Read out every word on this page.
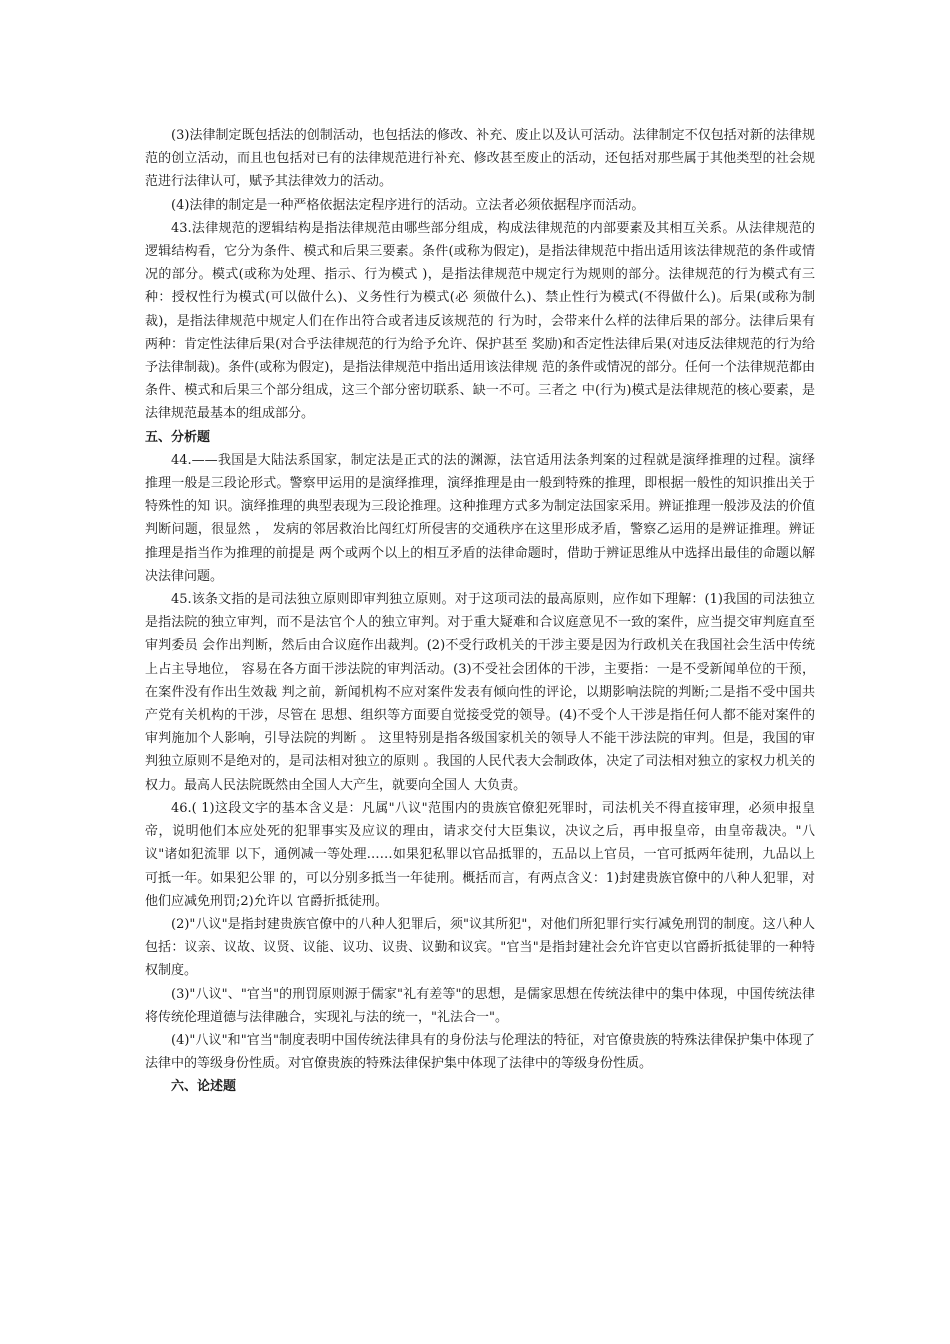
(3)法律制定既包括法的创制活动，也包括法的修改、补充、废止以及认可活动。法律制定不仅包括对新的法律规范的创立活动，而且也包括对已有的法律规范进行补充、修改甚至废止的活动，还包括对那些属于其他类型的社会规范进行法律认可，赋予其法律效力的活动。

(4)法律的制定是一种严格依据法定程序进行的活动。立法者必须依据程序而活动。

43.法律规范的逻辑结构是指法律规范由哪些部分组成，构成法律规范的内部要素及其相互关系。从法律规范的逻辑结构看，它分为条件、模式和后果三要素。条件(或称为假定)，是指法律规范中指出适用该法律规范的条件或情况的部分。模式(或称为处理、指示、行为模式 )，是指法律规范中规定行为规则的部分。法律规范的行为模式有三种：授权性行为模式(可以做什么)、义务性行为模式(必 须做什么)、禁止性行为模式(不得做什么)。后果(或称为制裁)，是指法律规范中规定人们在作出符合或者违反该规范的 行为时，会带来什么样的法律后果的部分。法律后果有两种：肯定性法律后果(对合乎法律规范的行为给予允许、保护甚至 奖励)和否定性法律后果(对违反法律规范的行为给予法律制裁)。条件(或称为假定)，是指法律规范中指出适用该法律规 范的条件或情况的部分。任何一个法律规范都由条件、模式和后果三个部分组成，这三个部分密切联系、缺一不可。三者之 中(行为)模式是法律规范的核心要素，是法律规范最基本的组成部分。

五、分析题

44.——我国是大陆法系国家，制定法是正式的法的渊源，法官适用法条判案的过程就是演绎推理的过程。演绎推理一般是三段论形式。警察甲运用的是演绎推理，演绎推理是由一般到特殊的推理，即根据一般性的知识推出关于特殊性的知 识。演绎推理的典型表现为三段论推理。这种推理方式多为制定法国家采用。辨证推理一般涉及法的价值判断问题，很显然 ， 发病的邻居救治比闯红灯所侵害的交通秩序在这里形成矛盾，警察乙运用的是辨证推理。辨证推理是指当作为推理的前提是 两个或两个以上的相互矛盾的法律命题时，借助于辨证思维从中选择出最佳的命题以解决法律问题。

45.该条文指的是司法独立原则即审判独立原则。对于这项司法的最高原则，应作如下理解：(1)我国的司法独立是指法院的独立审判，而不是法官个人的独立审判。对于重大疑难和合议庭意见不一致的案件，应当提交审判庭直至审判委员 会作出判断，然后由合议庭作出裁判。(2)不受行政机关的干涉主要是因为行政机关在我国社会生活中传统上占主导地位， 容易在各方面干涉法院的审判活动。(3)不受社会团体的干涉，主要指：一是不受新闻单位的干预，在案件没有作出生效裁 判之前，新闻机构不应对案件发表有倾向性的评论，以期影响法院的判断;二是指不受中国共产党有关机构的干涉，尽管在 思想、组织等方面要自觉接受党的领导。(4)不受个人干涉是指任何人都不能对案件的审判施加个人影响，引导法院的判断 。 这里特别是指各级国家机关的领导人不能干涉法院的审判。但是，我国的审判独立原则不是绝对的，是司法相对独立的原则 。我国的人民代表大会制政体，决定了司法相对独立的家权力机关的权力。最高人民法院既然由全国人大产生，就要向全国人 大负责。

46.( 1)这段文字的基本含义是：凡属"八议"范围内的贵族官僚犯死罪时，司法机关不得直接审理，必须申报皇帝，说明他们本应处死的犯罪事实及应议的理由，请求交付大臣集议，决议之后，再申报皇帝，由皇帝裁决。"八议"诸如犯流罪 以下，通例减一等处理……如果犯私罪以官品抵罪的，五品以上官员，一官可抵两年徒刑，九品以上可抵一年。如果犯公罪 的，可以分别多抵当一年徒刑。概括而言，有两点含义：1)封建贵族官僚中的八种人犯罪，对他们应减免刑罚;2)允许以 官爵折抵徒刑。

(2)"八议"是指封建贵族官僚中的八种人犯罪后，须"议其所犯"，对他们所犯罪行实行减免刑罚的制度。这八种人包括：议亲、议故、议贤、议能、议功、议贵、议勤和议宾。"官当"是指封建社会允许官吏以官爵折抵徒罪的一种特权制度。

(3)"八议"、"官当"的刑罚原则源于儒家"礼有差等"的思想，是儒家思想在传统法律中的集中体现，中国传统法律将传统伦理道德与法律融合，实现礼与法的统一，"礼法合一"。

(4)"八议"和"官当"制度表明中国传统法律具有的身份法与伦理法的特征，对官僚贵族的特殊法律保护集中体现了法律中的等级身份性质。对官僚贵族的特殊法律保护集中体现了法律中的等级身份性质。

六、论述题
